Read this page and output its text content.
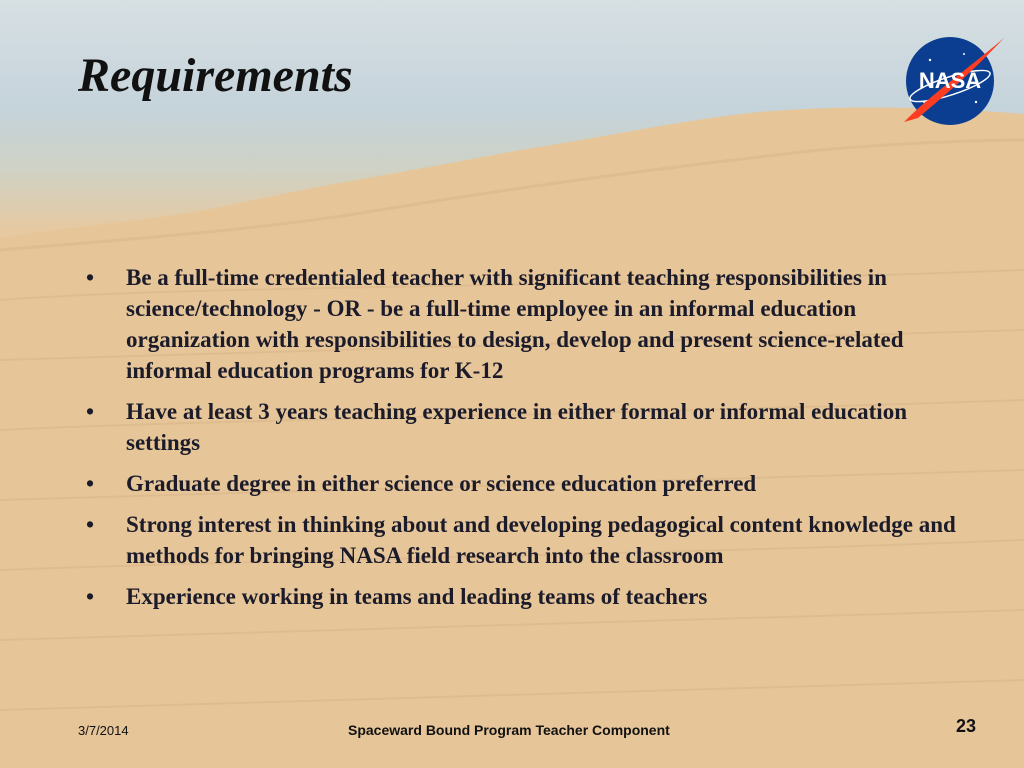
Requirements	NASA
• Be a full-time credentialed teacher with significant teaching responsibilities in science/technology - OR - be a full-time employee in an informal education organization with responsibilities to design, develop and present science-related informal education programs for K-12
• Have at least 3 years teaching experience in either formal or informal education settings
• Graduate degree in either science or science education preferred
• Strong interest in thinking about and developing pedagogical content knowledge and methods for bringing NASA field research into the classroom
• Experience working in teams and leading teams of teachers
3/7/2014	Spaceward Bound Program Teacher Component	23
